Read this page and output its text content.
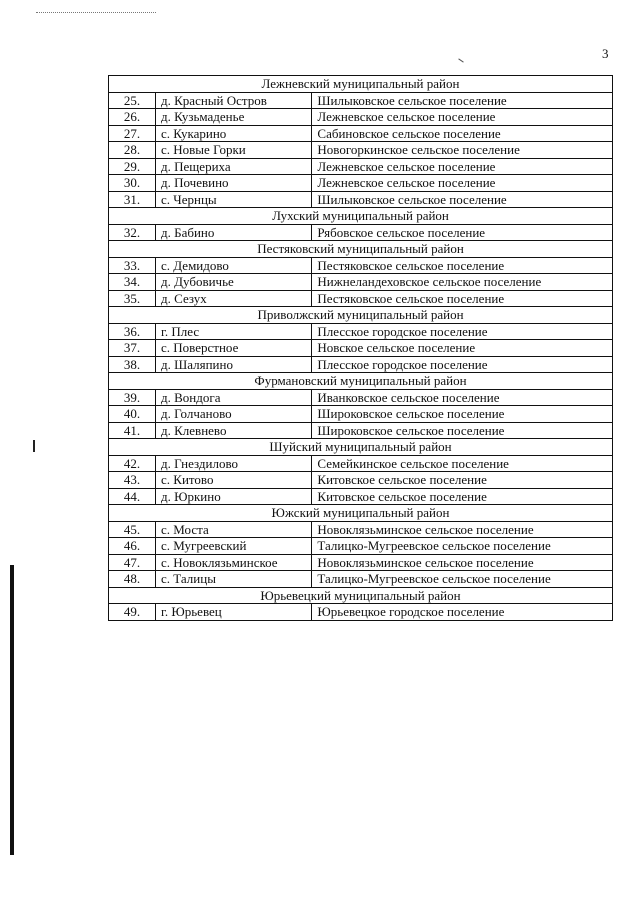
3
Лежневский муниципальный район		
25.	д. Красный Остров	Шилыковское сельское поселение
26.	д. Кузьмаденье	Лежневское сельское поселение
27.	с. Кукарино	Сабиновское сельское поселение
28.	с. Новые Горки	Новогоркинское сельское поселение
29.	д. Пещериха	Лежневское сельское поселение
30.	д. Почевино	Лежневское сельское поселение
31.	с. Чернцы	Шилыковское сельское поселение
Лухский муниципальный район		
32.	д. Бабино	Рябовское сельское поселение
Пестяковский муниципальный район		
33.	с. Демидово	Пестяковское сельское поселение
34.	д. Дубовичье	Нижнеландеховское сельское поселение
35.	д. Сезух	Пестяковское сельское поселение
Приволжский муниципальный район		
36.	г. Плес	Плесское городское поселение
37.	с. Поверстное	Новское сельское поселение
38.	д. Шаляпино	Плесское городское поселение
Фурмановский муниципальный район		
39.	д. Вондога	Иванковское сельское поселение
40.	д. Голчаново	Широковское сельское поселение
41.	д. Клевнево	Широковское сельское поселение
Шуйский муниципальный район		
42.	д. Гнездилово	Семейкинское сельское поселение
43.	с. Китово	Китовское сельское поселение
44.	д. Юркино	Китовское сельское поселение
Южский муниципальный район		
45.	с. Моста	Новоклязьминское сельское поселение
46.	с. Мугреевский	Талицко-Мугреевское сельское поселение
47.	с. Новоклязьминское	Новоклязьминское сельское поселение
48.	с. Талицы	Талицко-Мугреевское сельское поселение
Юрьевецкий муниципальный район		
49.	г. Юрьевец	Юрьевецкое городское поселение
